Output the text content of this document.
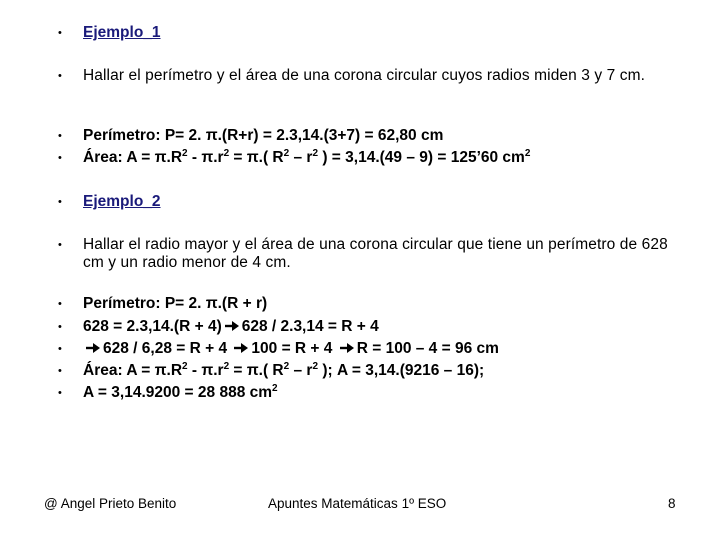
•	Ejemplo_1
•	Hallar el perímetro y el área de una corona circular cuyos radios miden 3 y 7 cm.
•	Perímetro: P= 2. π.(R+r) = 2.3,14.(3+7) = 62,80 cm
•	Área: $A = \pi.R^2 - \pi.r^2 = \pi$.( $R^2 - r^2$ ) = 3,14.(49 – 9) = 125’60 $cm^2$
•	Ejemplo_2
•	Hallar el radio mayor y el área de una corona circular que tiene un perímetro de 628 cm y un radio menor de 4 cm.
•	Perímetro: P= 2. π.(R + r)
•	628 = 2.3,14.(R + 4) 628 / 2.3,14 = R + 4
•	628 / 6,28 = R + 4 100 = R + 4 R = 100 – 4 = 96 cm
•	Área: $A = \pi.R^2 - \pi.r^2 = \pi$.( $R^2 - r^2$ ); A = 3,14.(9216 – 16);
•	A = 3,14.9200 = 28 888 $cm^2$
@ Angel Prieto Benito	Apuntes Matemáticas 1º ESO	8
